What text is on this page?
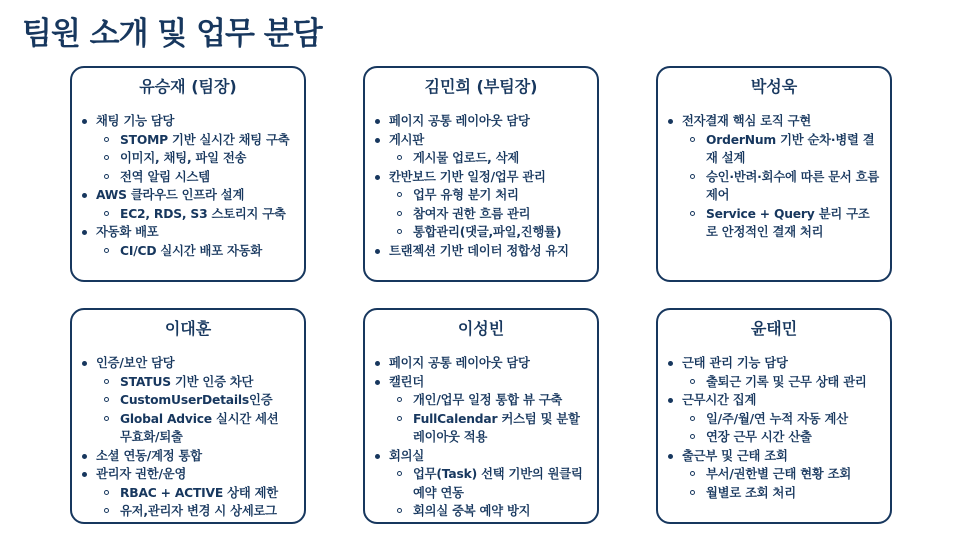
팀원 소개 및 업무 분담
유승재 (팀장)
채팅 기능 담당
STOMP 기반 실시간 채팅 구축
이미지, 채팅, 파일 전송
전역 알림 시스템
AWS 클라우드 인프라 설계
EC2, RDS, S3 스토리지 구축
자동화 배포
CI/CD 실시간 배포 자동화
김민희 (부팀장)
페이지 공통 레이아웃 담당
게시판
게시물 업로드, 삭제
칸반보드 기반 일정/업무 관리
업무 유형 분기 처리
참여자 권한 흐름 관리
통합관리(댓글,파일,진행률)
트랜젝션 기반 데이터 정합성 유지
박성욱
전자결재 핵심 로직 구현
OrderNum 기반 순차·병렬 결재 설계
승인·반려·회수에 따른 문서 흐름 제어
Service + Query 분리 구조로 안정적인 결재 처리
이대훈
인증/보안 담당
STATUS 기반 인증 차단
CustomUserDetails인증
Global Advice 실시간 세션 무효화/퇴출
소셜 연동/계정 통합
관리자 권한/운영
RBAC + ACTIVE 상태 제한
유저,관리자 변경 시 상세로그
이성빈
페이지 공통 레이아웃 담당
캘린더
개인/업무 일정 통합 뷰 구축
FullCalendar 커스텀 및 분할 레이아웃 적용
회의실
업무(Task) 선택 기반의 원클릭 예약 연동
회의실 중복 예약 방지
윤태민
근태 관리 기능 담당
출퇴근 기록 및 근무 상태 관리
근무시간 집계
일/주/월/연 누적 자동 계산
연장 근무 시간 산출
출근부 및 근태 조회
부서/권한별 근태 현황 조회
월별로 조회 처리
